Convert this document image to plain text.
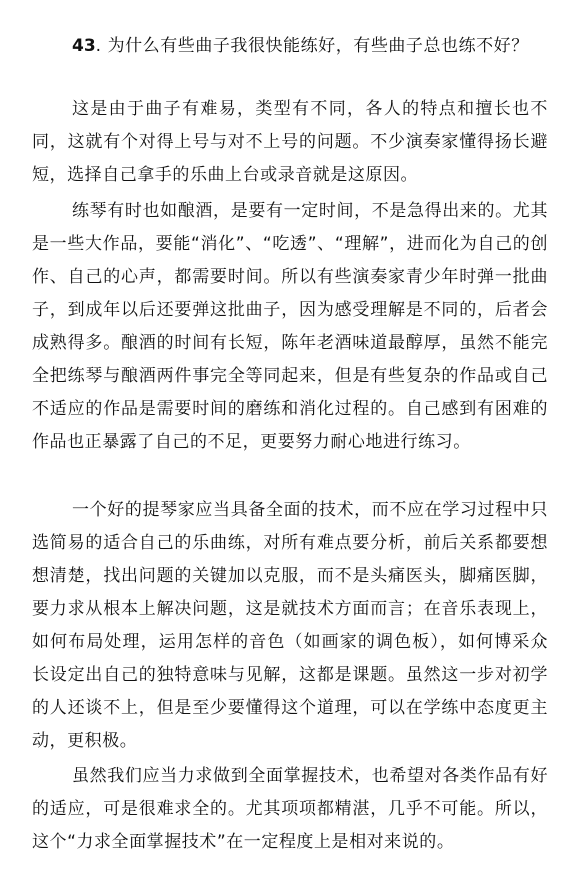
43. 为什么有些曲子我很快能练好，有些曲子总也练不好？
这是由于曲子有难易，类型有不同，各人的特点和擅长也不同，这就有个对得上号与对不上号的问题。不少演奏家懂得扬长避短，选择自己拿手的乐曲上台或录音就是这原因。
练琴有时也如酿酒，是要有一定时间，不是急得出来的。尤其是一些大作品，要能“消化”、“吃透”、“理解”，进而化为自己的创作、自己的心声，都需要时间。所以有些演奏家青少年时弹一批曲子，到成年以后还要弹这批曲子，因为感受理解是不同的，后者会成熟得多。酿酒的时间有长短，陈年老酒味道最醇厚，虽然不能完全把练琴与酿酒两件事完全等同起来，但是有些复杂的作品或自己不适应的作品是需要时间的磨练和消化过程的。自己感到有困难的作品也正暴露了自己的不足，更要努力耐心地进行练习。
一个好的提琴家应当具备全面的技术，而不应在学习过程中只选简易的适合自己的乐曲练，对所有难点要分析，前后关系都要想想清楚，找出问题的关键加以克服，而不是头痛医头，脚痛医脚，要力求从根本上解决问题，这是就技术方面而言；在音乐表现上，如何布局处理，运用怎样的音色（如画家的调色板），如何博采众长设定出自己的独特意味与见解，这都是课题。虽然这一步对初学的人还谈不上，但是至少要懂得这个道理，可以在学练中态度更主动，更积极。
虽然我们应当力求做到全面掌握技术，也希望对各类作品有好的适应，可是很难求全的。尤其项项都精湛，几乎不可能。所以，这个“力求全面掌握技术”在一定程度上是相对来说的。
